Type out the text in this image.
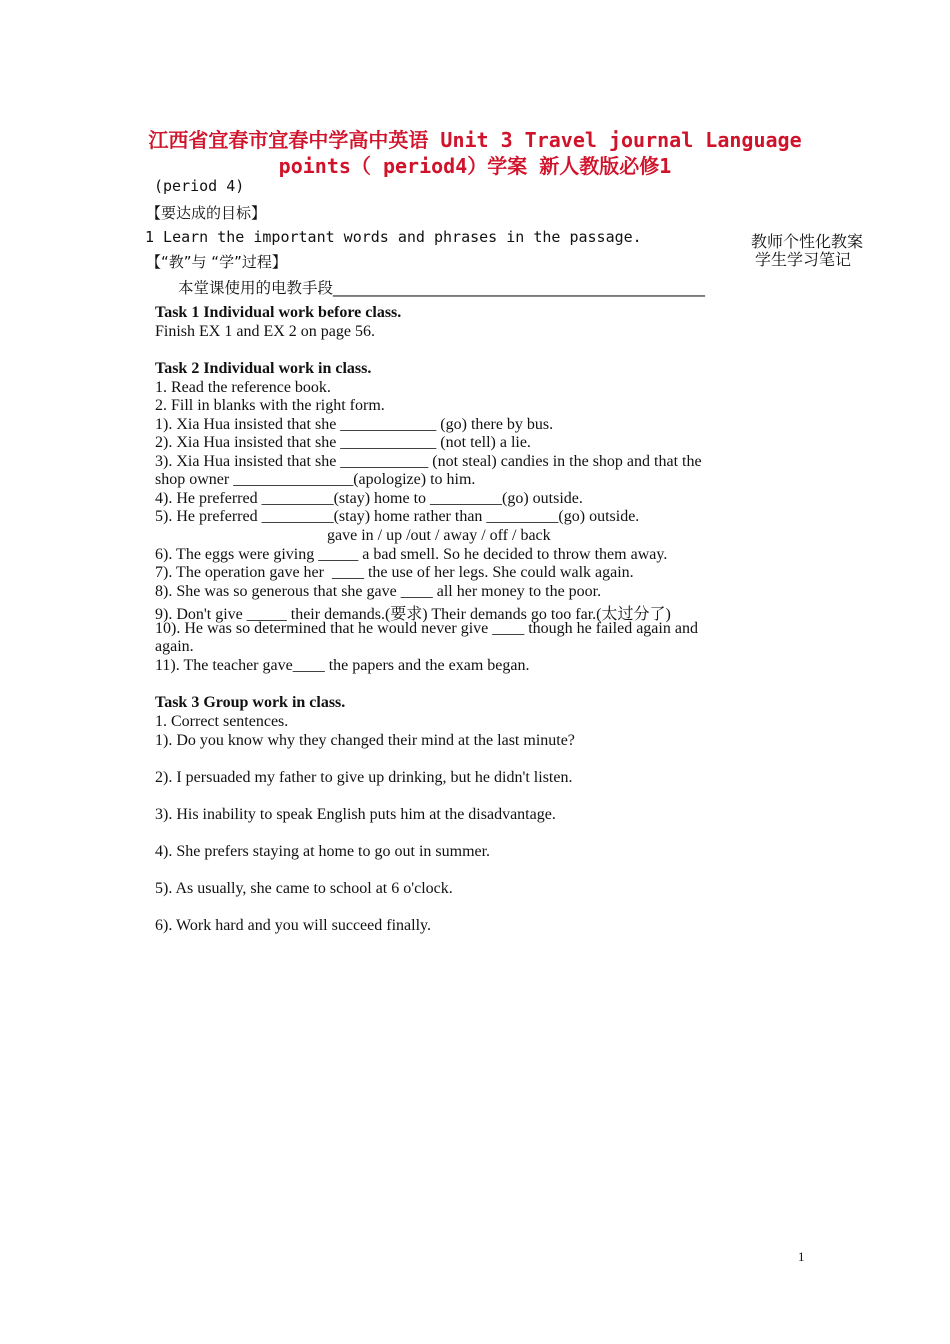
江西省宜春市宜春中学高中英语 Unit 3 Travel journal Language
points（ period4）学案 新人教版必修1
(period 4)
【要达成的目标】
1 Learn the important words and phrases in the passage.
【“教”与 “学”过程】
本堂课使用的电教手段________________________________________________
教师个性化教案
学生学习笔记
Task 1 Individual work before class.
Finish EX 1 and EX 2 on page 56.
Task 2 Individual work in class.
1. Read the reference book.
2. Fill in blanks with the right form.
1). Xia Hua insisted that she ____________ (go) there by bus.
2). Xia Hua insisted that she ____________ (not tell) a lie.
3). Xia Hua insisted that she ___________ (not steal) candies in the shop and that the
shop owner _______________(apologize) to him.
4). He preferred _________(stay) home to _________(go) outside.
5). He preferred _________(stay) home rather than _________(go) outside.
gave in / up /out / away / off / back
6). The eggs were giving _____ a bad smell. So he decided to throw them away.
7). The operation gave her  ____ the use of her legs. She could walk again.
8). She was so generous that she gave ____ all her money to the poor.
9). Don't give _____ their demands.(要求) Their demands go too far.(太过分了)
10). He was so determined that he would never give ____ though he failed again and
again.
11). The teacher gave____ the papers and the exam began.
Task 3 Group work in class.
1. Correct sentences.
1). Do you know why they changed their mind at the last minute?
2). I persuaded my father to give up drinking, but he didn't listen.
3). His inability to speak English puts him at the disadvantage.
4). She prefers staying at home to go out in summer.
5). As usually, she came to school at 6 o'clock.
6). Work hard and you will succeed finally.
1
